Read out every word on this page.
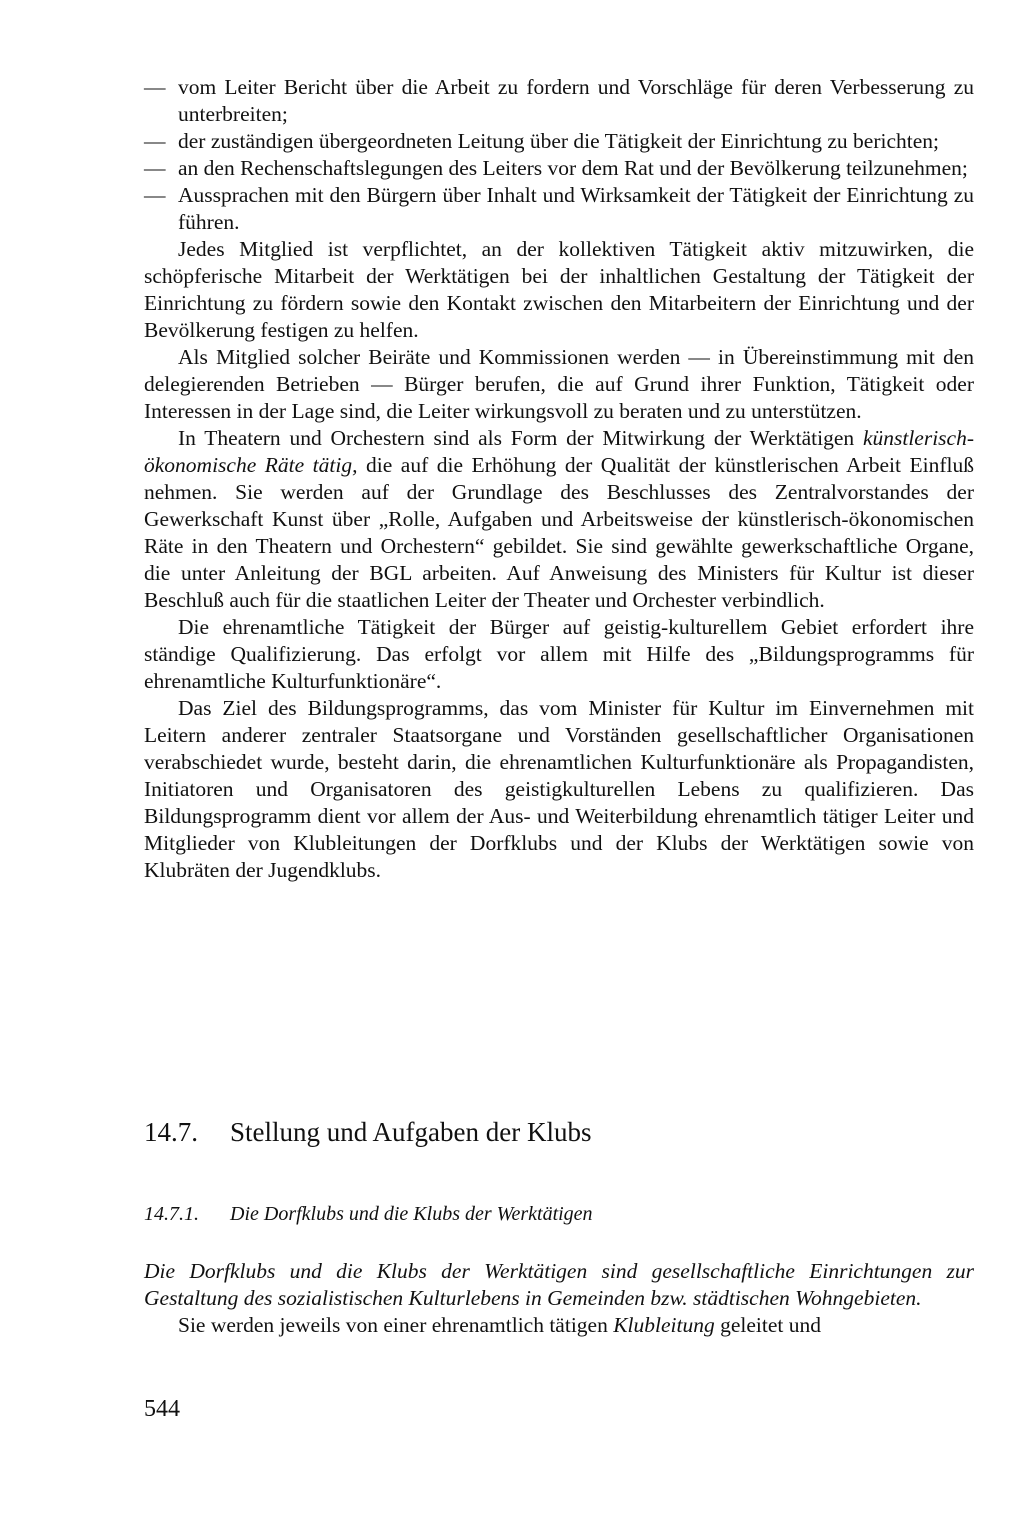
— vom Leiter Bericht über die Arbeit zu fordern und Vorschläge für deren Verbesserung zu unterbreiten;
— der zuständigen übergeordneten Leitung über die Tätigkeit der Einrichtung zu berichten;
— an den Rechenschaftslegungen des Leiters vor dem Rat und der Bevölkerung teilzunehmen;
— Aussprachen mit den Bürgern über Inhalt und Wirksamkeit der Tätigkeit der Einrichtung zu führen.

Jedes Mitglied ist verpflichtet, an der kollektiven Tätigkeit aktiv mitzuwirken, die schöpferische Mitarbeit der Werktätigen bei der inhaltlichen Gestaltung der Tätigkeit der Einrichtung zu fördern sowie den Kontakt zwischen den Mitarbeitern der Einrichtung und der Bevölkerung festigen zu helfen.

Als Mitglied solcher Beiräte und Kommissionen werden — in Übereinstimmung mit den delegierenden Betrieben — Bürger berufen, die auf Grund ihrer Funktion, Tätigkeit oder Interessen in der Lage sind, die Leiter wirkungsvoll zu beraten und zu unterstützen.

In Theatern und Orchestern sind als Form der Mitwirkung der Werktätigen künstlerisch-ökonomische Räte tätig, die auf die Erhöhung der Qualität der künstlerischen Arbeit Einfluß nehmen. Sie werden auf der Grundlage des Beschlusses des Zentralvorstandes der Gewerkschaft Kunst über „Rolle, Aufgaben und Arbeitsweise der künstlerisch-ökonomischen Räte in den Theatern und Orchestern“ gebildet. Sie sind gewählte gewerkschaftliche Organe, die unter Anleitung der BGL arbeiten. Auf Anweisung des Ministers für Kultur ist dieser Beschluß auch für die staatlichen Leiter der Theater und Orchester verbindlich.

Die ehrenamtliche Tätigkeit der Bürger auf geistig-kulturellem Gebiet erfordert ihre ständige Qualifizierung. Das erfolgt vor allem mit Hilfe des „Bildungsprogramms für ehrenamtliche Kulturfunktionäre“.

Das Ziel des Bildungsprogramms, das vom Minister für Kultur im Einvernehmen mit Leitern anderer zentraler Staatsorgane und Vorständen gesellschaftlicher Organisationen verabschiedet wurde, besteht darin, die ehrenamtlichen Kulturfunktionäre als Propagandisten, Initiatoren und Organisatoren des geistigkulturellen Lebens zu qualifizieren. Das Bildungsprogramm dient vor allem der Aus- und Weiterbildung ehrenamtlich tätiger Leiter und Mitglieder von Klubleitungen der Dorfklubs und der Klubs der Werktätigen sowie von Klubräten der Jugendklubs.

14.7. Stellung und Aufgaben der Klubs
14.7.1. Die Dorfklubs und die Klubs der Werktätigen

Die Dorfklubs und die Klubs der Werktätigen sind gesellschaftliche Einrichtungen zur Gestaltung des sozialistischen Kulturlebens in Gemeinden bzw. städtischen Wohngebieten.

Sie werden jeweils von einer ehrenamtlich tätigen Klubleitung geleitet und

544
